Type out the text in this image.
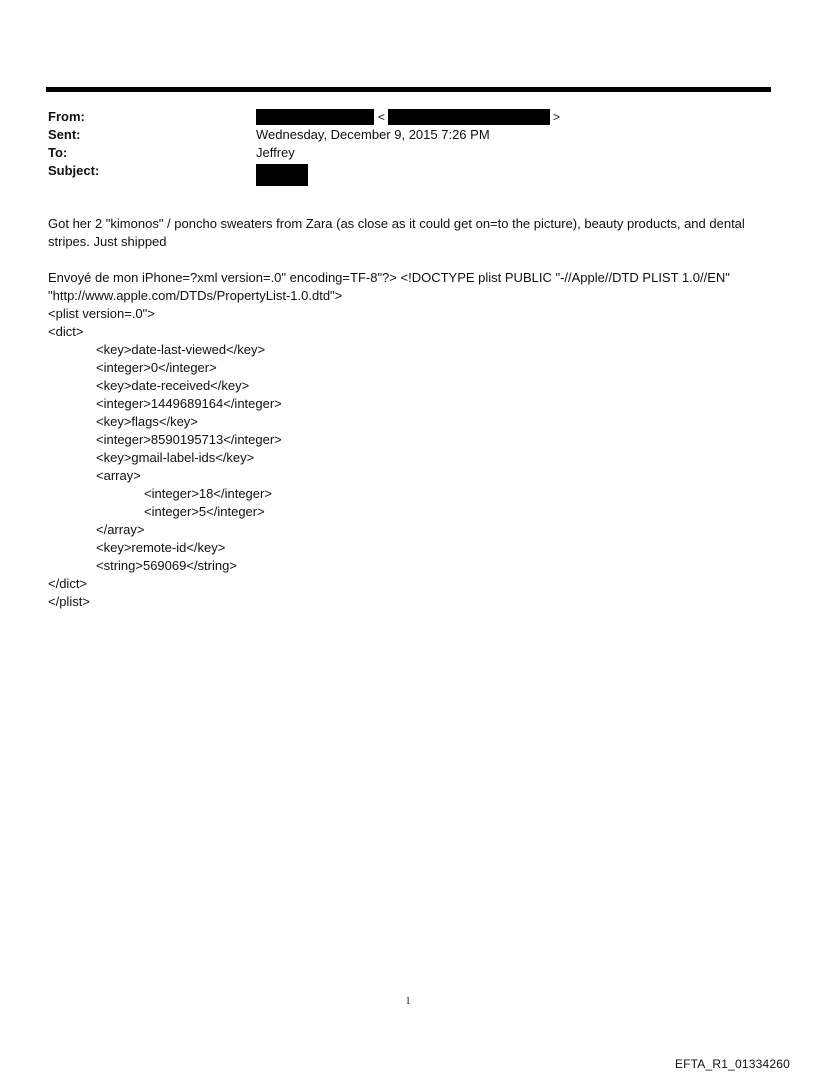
From:	<	>
Sent:	Wednesday, December 9, 2015 7:26 PM
To:	Jeffrey
Subject:

Got her 2 "kimonos" / poncho sweaters from Zara (as close as it could get on=to the picture), beauty products, and dental stripes. Just shipped

Envoyé de mon iPhone=?xml version=.0" encoding=TF-8"?> <!DOCTYPE plist PUBLIC "-//Apple//DTD PLIST 1.0//EN"
"http://www.apple.com/DTDs/PropertyList-1.0.dtd">
<plist version=.0">
<dict>
<key>date-last-viewed</key>
<integer>0</integer>
<key>date-received</key>
<integer>1449689164</integer>
<key>flags</key>
<integer>8590195713</integer>
<key>gmail-label-ids</key>
<array>
<integer>18</integer>
<integer>5</integer>
</array>
<key>remote-id</key>
<string>569069</string>
</dict>
</plist>
1
EFTA_R1_01334260
